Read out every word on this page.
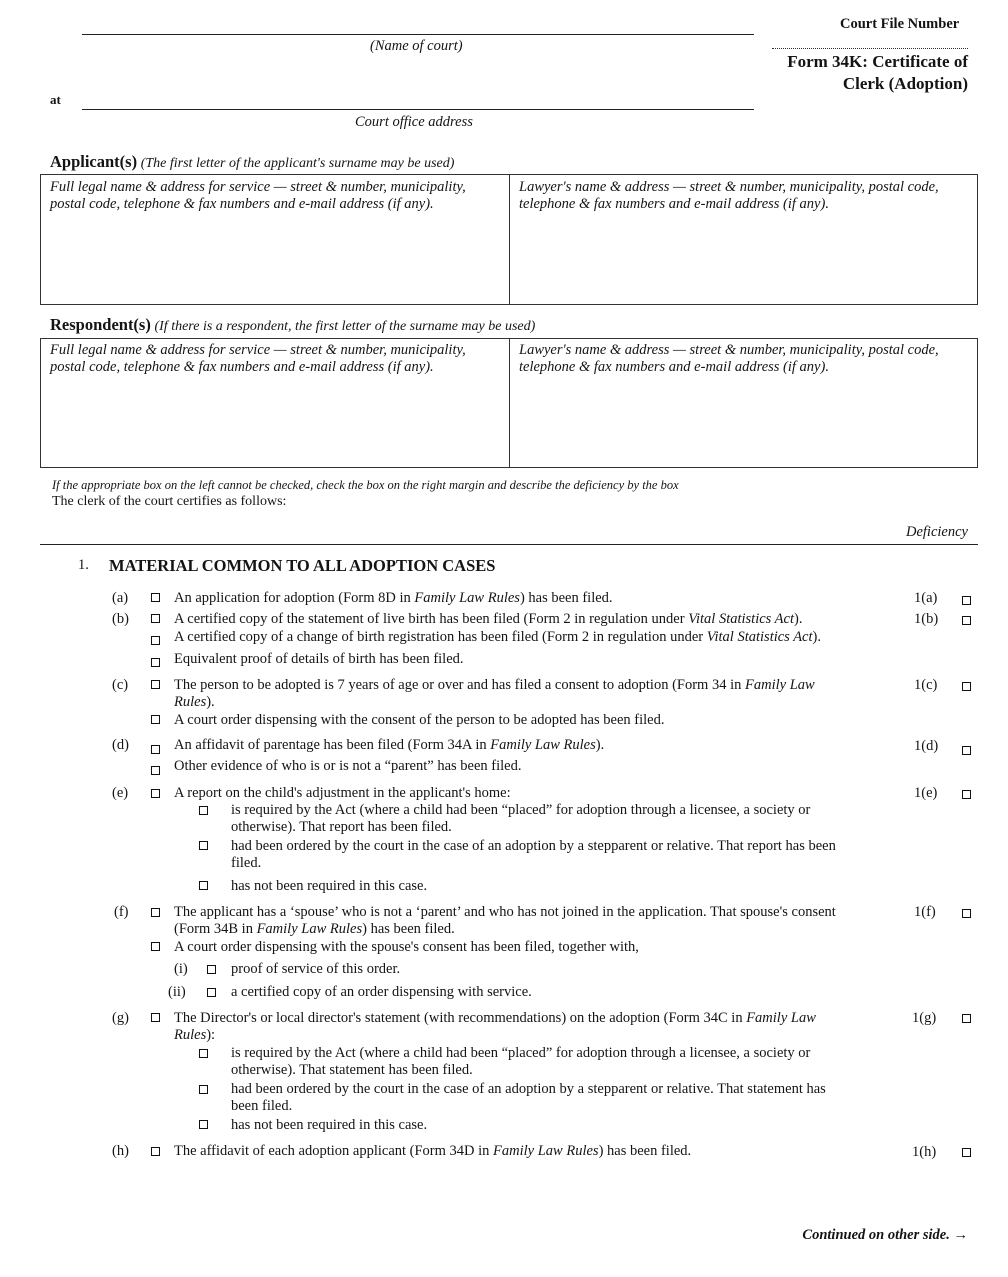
(Name of court)
Court File Number
Form 34K: Certificate of
Clerk (Adoption)
at
Court office address
Applicant(s) (The first letter of the applicant's surname may be used)
Full legal name & address for service — street & number, municipality, postal code, telephone & fax numbers and e-mail address (if any).
Lawyer's name & address — street & number, municipality, postal code, telephone & fax numbers and e-mail address (if any).
Respondent(s) (If there is a respondent, the first letter of the surname may be used)
Full legal name & address for service — street & number, municipality, postal code, telephone & fax numbers and e-mail address (if any).
Lawyer's name & address — street & number, municipality, postal code, telephone & fax numbers and e-mail address (if any).
If the appropriate box on the left cannot be checked, check the box on the right margin and describe the deficiency by the box
The clerk of the court certifies as follows:
Deficiency
1. MATERIAL COMMON TO ALL ADOPTION CASES
(a)	An application for adoption (Form 8D in Family Law Rules) has been filed.	1(a)
(b)	A certified copy of the statement of live birth has been filed (Form 2 in regulation under Vital Statistics Act).
A certified copy of a change of birth registration has been filed (Form 2 in regulation under Vital Statistics Act).
Equivalent proof of details of birth has been filed.
1(b)
(c)	The person to be adopted is 7 years of age or over and has filed a consent to adoption (Form 34 in Family Law
Rules).
A court order dispensing with the consent of the person to be adopted has been filed.
1(c)
(d)	An affidavit of parentage has been filed (Form 34A in Family Law Rules).
Other evidence of who is or is not a “parent” has been filed.
1(d)
(e)	A report on the child's adjustment in the applicant's home:
is required by the Act (where a child had been “placed” for adoption through a licensee, a society or
otherwise). That report has been filed.
had been ordered by the court in the case of an adoption by a stepparent or relative. That report has been
filed.
has not been required in this case.
1(e)
(f)	The applicant has a ‘spouse’ who is not a ‘parent’ and who has not joined in the application. That spouse's consent
(Form 34B in Family Law Rules) has been filed.
A court order dispensing with the spouse's consent has been filed, together with,
(i)	proof of service of this order.
(ii)	a certified copy of an order dispensing with service.
1(f)
(g)	The Director's or local director's statement (with recommendations) on the adoption (Form 34C in Family Law
Rules):
is required by the Act (where a child had been “placed” for adoption through a licensee, a society or
otherwise). That statement has been filed.
had been ordered by the court in the case of an adoption by a stepparent or relative. That statement has
been filed.
has not been required in this case.
1(g)
(h)	The affidavit of each adoption applicant (Form 34D in Family Law Rules) has been filed.	1(h)
Continued on other side. →
